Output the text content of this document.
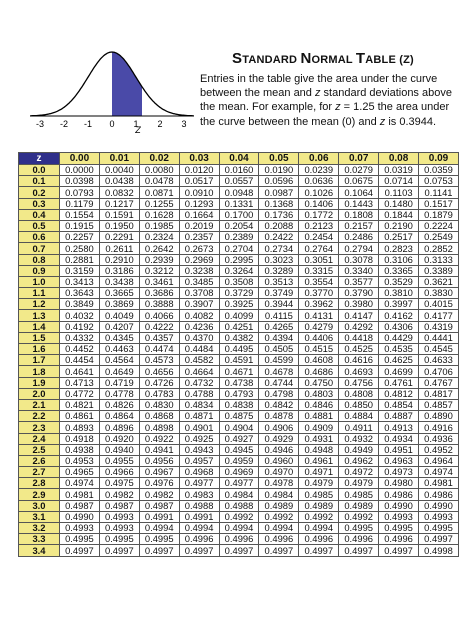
-3 -2 -1 0 1 2 3
Z
STANDARD NORMAL TABLE (Z)
Entries in the table give the area under the curve
between the mean and z standard deviations above
the mean. For example, for z = 1.25 the area under
the curve between the mean (0) and z is 0.3944.
z	0.00	0.01	0.02	0.03	0.04	0.05	0.06	0.07	0.08	0.09
0.0	0.0000	0.0040	0.0080	0.0120	0.0160	0.0190	0.0239	0.0279	0.0319	0.0359
0.1	0.0398	0.0438	0.0478	0.0517	0.0557	0.0596	0.0636	0.0675	0.0714	0.0753
0.2	0.0793	0.0832	0.0871	0.0910	0.0948	0.0987	0.1026	0.1064	0.1103	0.1141
0.3	0.1179	0.1217	0.1255	0.1293	0.1331	0.1368	0.1406	0.1443	0.1480	0.1517
0.4	0.1554	0.1591	0.1628	0.1664	0.1700	0.1736	0.1772	0.1808	0.1844	0.1879
0.5	0.1915	0.1950	0.1985	0.2019	0.2054	0.2088	0.2123	0.2157	0.2190	0.2224
0.6	0.2257	0.2291	0.2324	0.2357	0.2389	0.2422	0.2454	0.2486	0.2517	0.2549
0.7	0.2580	0.2611	0.2642	0.2673	0.2704	0.2734	0.2764	0.2794	0.2823	0.2852
0.8	0.2881	0.2910	0.2939	0.2969	0.2995	0.3023	0.3051	0.3078	0.3106	0.3133
0.9	0.3159	0.3186	0.3212	0.3238	0.3264	0.3289	0.3315	0.3340	0.3365	0.3389
1.0	0.3413	0.3438	0.3461	0.3485	0.3508	0.3513	0.3554	0.3577	0.3529	0.3621
1.1	0.3643	0.3665	0.3686	0.3708	0.3729	0.3749	0.3770	0.3790	0.3810	0.3830
1.2	0.3849	0.3869	0.3888	0.3907	0.3925	0.3944	0.3962	0.3980	0.3997	0.4015
1.3	0.4032	0.4049	0.4066	0.4082	0.4099	0.4115	0.4131	0.4147	0.4162	0.4177
1.4	0.4192	0.4207	0.4222	0.4236	0.4251	0.4265	0.4279	0.4292	0.4306	0.4319
1.5	0.4332	0.4345	0.4357	0.4370	0.4382	0.4394	0.4406	0.4418	0.4429	0.4441
1.6	0.4452	0.4463	0.4474	0.4484	0.4495	0.4505	0.4515	0.4525	0.4535	0.4545
1.7	0.4454	0.4564	0.4573	0.4582	0.4591	0.4599	0.4608	0.4616	0.4625	0.4633
1.8	0.4641	0.4649	0.4656	0.4664	0.4671	0.4678	0.4686	0.4693	0.4699	0.4706
1.9	0.4713	0.4719	0.4726	0.4732	0.4738	0.4744	0.4750	0.4756	0.4761	0.4767
2.0	0.4772	0.4778	0.4783	0.4788	0.4793	0.4798	0.4803	0.4808	0.4812	0.4817
2.1	0.4821	0.4826	0.4830	0.4834	0.4838	0.4842	0.4846	0.4850	0.4854	0.4857
2.2	0.4861	0.4864	0.4868	0.4871	0.4875	0.4878	0.4881	0.4884	0.4887	0.4890
2.3	0.4893	0.4896	0.4898	0.4901	0.4904	0.4906	0.4909	0.4911	0.4913	0.4916
2.4	0.4918	0.4920	0.4922	0.4925	0.4927	0.4929	0.4931	0.4932	0.4934	0.4936
2.5	0.4938	0.4940	0.4941	0.4943	0.4945	0.4946	0.4948	0.4949	0.4951	0.4952
2.6	0.4953	0.4955	0.4956	0.4957	0.4959	0.4960	0.4961	0.4962	0.4963	0.4964
2.7	0.4965	0.4966	0.4967	0.4968	0.4969	0.4970	0.4971	0.4972	0.4973	0.4974
2.8	0.4974	0.4975	0.4976	0.4977	0.4977	0.4978	0.4979	0.4979	0.4980	0.4981
2.9	0.4981	0.4982	0.4982	0.4983	0.4984	0.4984	0.4985	0.4985	0.4986	0.4986
3.0	0.4987	0.4987	0.4987	0.4988	0.4988	0.4989	0.4989	0.4989	0.4990	0.4990
3.1	0.4990	0.4993	0.4991	0.4991	0.4992	0.4992	0.4992	0.4992	0.4993	0.4993
3.2	0.4993	0.4993	0.4994	0.4994	0.4994	0.4994	0.4994	0.4995	0.4995	0.4995
3.3	0.4995	0.4995	0.4995	0.4996	0.4996	0.4996	0.4996	0.4996	0.4996	0.4997
3.4	0.4997	0.4997	0.4997	0.4997	0.4997	0.4997	0.4997	0.4997	0.4997	0.4998
